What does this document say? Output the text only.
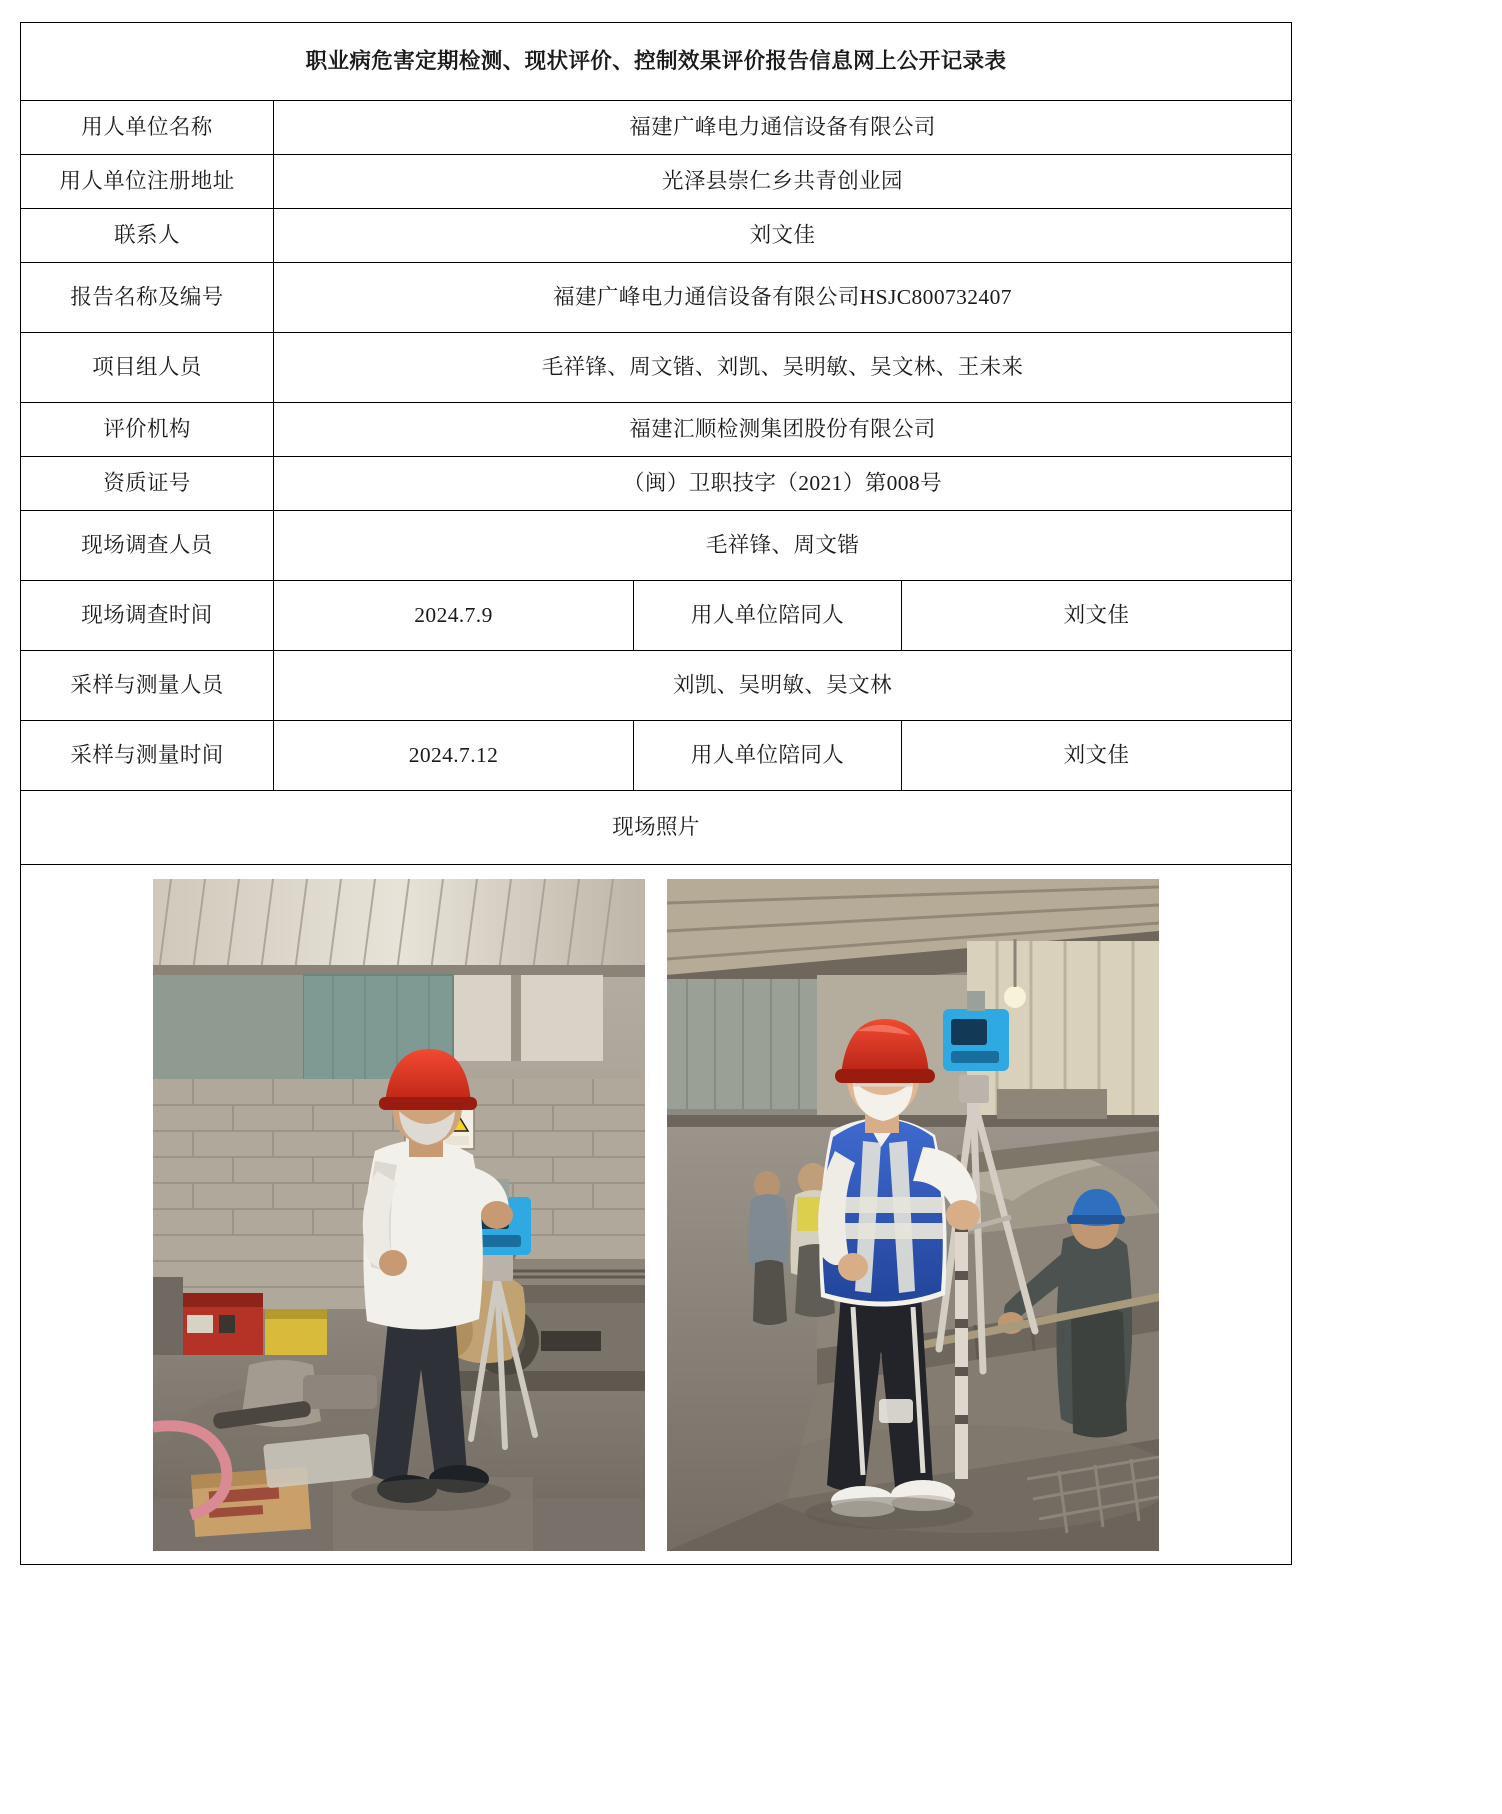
职业病危害定期检测、现状评价、控制效果评价报告信息网上公开记录表			
用人单位名称	福建广峰电力通信设备有限公司		
用人单位注册地址	光泽县崇仁乡共青创业园		
联系人	刘文佳		
报告名称及编号	福建广峰电力通信设备有限公司HSJC800732407		
项目组人员	毛祥锋、周文锴、刘凯、吴明敏、吴文林、王未来		
评价机构	福建汇顺检测集团股份有限公司		
资质证号	（闽）卫职技字（2021）第008号		
现场调查人员	毛祥锋、周文锴		
现场调查时间	2024.7.9	用人单位陪同人	刘文佳
采样与测量人员	刘凯、吴明敏、吴文林		
采样与测量时间	2024.7.12	用人单位陪同人	刘文佳
现场照片			
